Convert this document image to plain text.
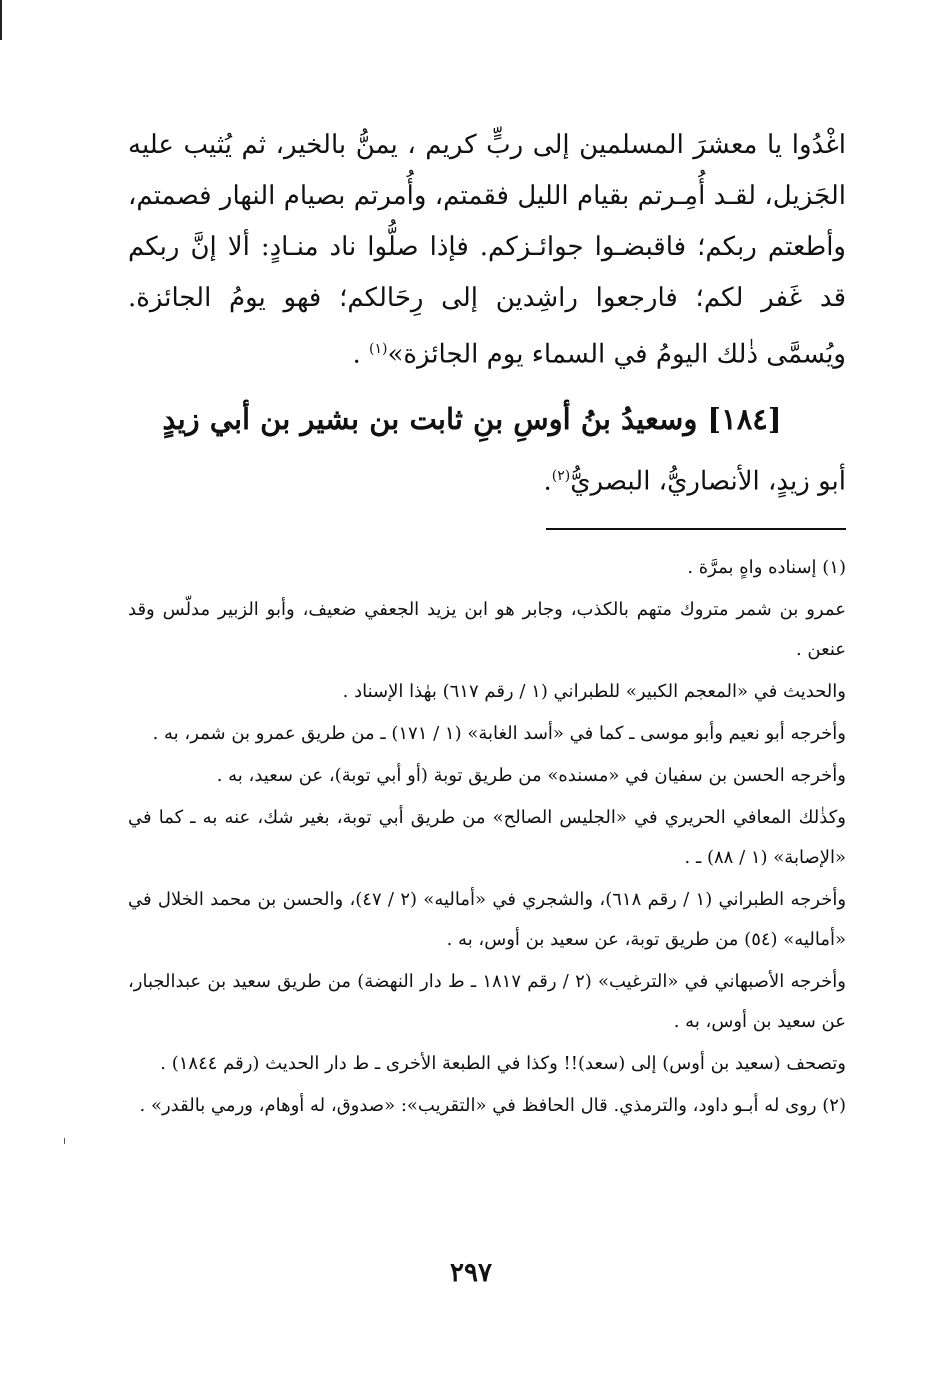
اغْدُوا يا معشرَ المسلمين إلى ربٍّ كريم ، يمنُّ بالخير، ثم يُثيب عليه الجَزيل، لقـد أُمِـرتم بقيام الليل فقمتم، وأُمرتم بصيام النهار فصمتم، وأطعتم ربكم؛ فاقبضـوا جوائـزكم. فإذا صلُّوا ناد منـادٍ: ألا إنَّ ربكم قد غَفر لكم؛ فارجعوا راشِدين إلى رِحَالكم؛ فهو يومُ الجائزة. ويُسمَّى ذٰلك اليومُ في السماء يوم الجائزة»$^{(١)}$ .

[١٨٤] وسعيدُ بنُ أوسِ بنِ ثابت بن بشير بن أبي زيدٍ
أبو زيدٍ، الأنصاريُّ، البصريُّ$^{(٢)}$.

(١) إسناده واهٍ بمرَّة .

عمرو بن شمر متروك متهم بالكذب، وجابر هو ابن يزيد الجعفي ضعيف، وأبو الزبير مدلّس وقد عنعن .

والحديث في «المعجم الكبير» للطبراني (١ / رقم ٦١٧) بهٰذا الإسناد .

وأخرجه أبو نعيم وأبو موسى ـ كما في «أسد الغابة» (١ / ١٧١) ـ من طريق عمرو بن شمر، به .

وأخرجه الحسن بن سفيان في «مسنده» من طريق توبة (أو أبي توبة)، عن سعيد، به .

وكذٰلك المعافي الحريري في «الجليس الصالح» من طريق أبي توبة، بغير شك، عنه به ـ كما في «الإصابة» (١ / ٨٨) ـ .

وأخرجه الطبراني (١ / رقم ٦١٨)، والشجري في «أماليه» (٢ / ٤٧)، والحسن بن محمد الخلال في «أماليه» (٥٤) من طريق توبة، عن سعيد بن أوس، به .

وأخرجه الأصبهاني في «الترغيب» (٢ / رقم ١٨١٧ ـ ط دار النهضة) من طريق سعيد بن عبدالجبار، عن سعيد بن أوس، به .

وتصحف (سعيد بن أوس) إلى (سعد)!! وكذا في الطبعة الأخرى ـ ط دار الحديث (رقم ١٨٤٤) .

(٢) روى له أبـو داود، والترمذي. قال الحافظ في «التقريب»: «صدوق، له أوهام، ورمي بالقدر» .

٢٩٧
